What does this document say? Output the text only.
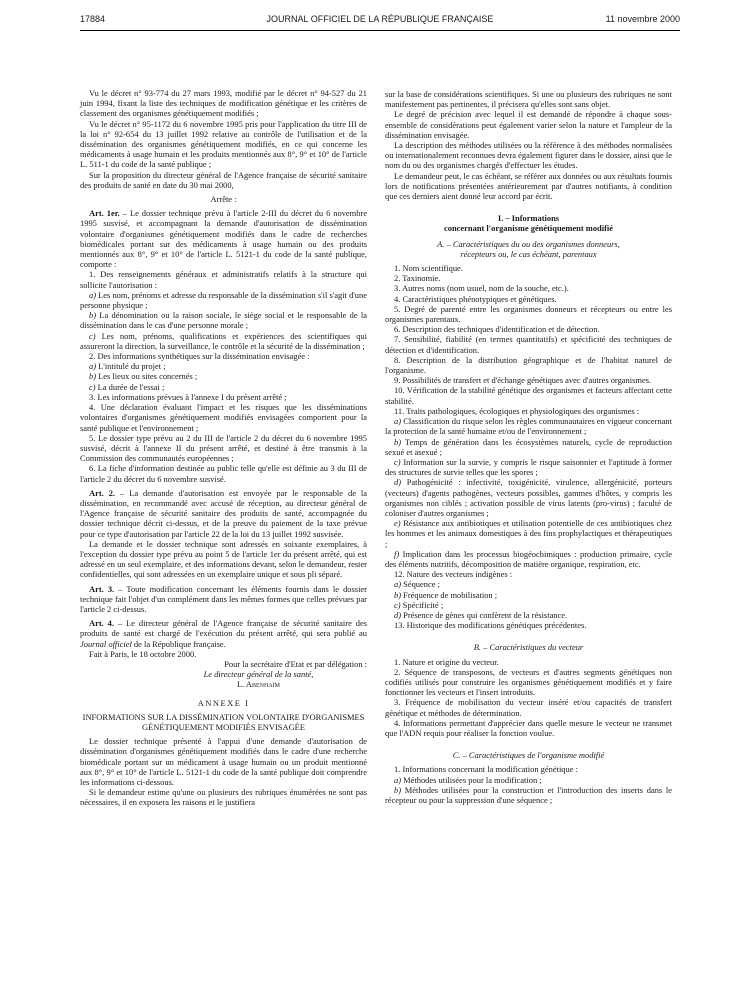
17884	JOURNAL OFFICIEL DE LA RÉPUBLIQUE FRANÇAISE	11 novembre 2000

Vu le décret n° 93-774 du 27 mars 1993, modifié par le décret n° 94-527 du 21 juin 1994, fixant la liste des techniques de modification génétique et les critères de classement des organismes génétiquement modifiés ;

Vu le décret n° 95-1172 du 6 novembre 1995 pris pour l'application du titre III de la loi n° 92-654 du 13 juillet 1992 relative au contrôle de l'utilisation et de la dissémination des organismes génétiquement modifiés, en ce qui concerne les médicaments à usage humain et les produits mentionnés aux 8°, 9° et 10° de l'article L. 511-1 du code de la santé publique ;

Sur la proposition du directeur général de l'Agence française de sécurité sanitaire des produits de santé en date du 30 mai 2000,

Arrête :

Art. 1er. – Le dossier technique prévu à l'article 2-III du décret du 6 novembre 1995 susvisé, et accompagnant la demande d'autorisation de dissémination volontaire d'organismes génétiquement modifiés dans le cadre de recherches biomédicales portant sur des médicaments à usage humain ou des produits mentionnés aux 8°, 9° et 10° de l'article L. 5121-1 du code de la santé publique, comporte :

1. Des renseignements généraux et administratifs relatifs à la structure qui sollicite l'autorisation :

a) Les nom, prénoms et adresse du responsable de la dissémination s'il s'agit d'une personne physique ;

b) La dénomination ou la raison sociale, le siège social et le responsable de la dissémination dans le cas d'une personne morale ;

c) Les nom, prénoms, qualifications et expériences des scientifiques qui assureront la direction, la surveillance, le contrôle et la sécurité de la dissémination ;

2. Des informations synthétiques sur la dissémination envisagée :

a) L'intitulé du projet ;

b) Les lieux ou sites concernés ;

c) La durée de l'essai ;

3. Les informations prévues à l'annexe I du présent arrêté ;

4. Une déclaration évaluant l'impact et les risques que les disséminations volontaires d'organismes génétiquement modifiés envisagées comportent pour la santé publique et l'environnement ;

5. Le dossier type prévu au 2 du III de l'article 2 du décret du 6 novembre 1995 susvisé, décrit à l'annexe II du présent arrêté, et destiné à être transmis à la Commission des communautés européennes ;

6. La fiche d'information destinée au public telle qu'elle est définie au 3 du III de l'article 2 du décret du 6 novembre susvisé.

Art. 2. – La demande d'autorisation est envoyée par le responsable de la dissémination, en recommandé avec accusé de réception, au directeur général de l'Agence française de sécurité sanitaire des produits de santé, accompagnée du dossier technique décrit ci-dessus, et de la preuve du paiement de la taxe prévue pour ce type d'autorisation par l'article 22 de la loi du 13 juillet 1992 susvisée.

La demande et le dossier technique sont adressés en soixante exemplaires, à l'exception du dossier type prévu au point 5 de l'article 1er du présent arrêté, qui est adressé en un seul exemplaire, et des informations devant, selon le demandeur, rester confidentielles, qui sont adressées en un exemplaire unique et sous pli séparé.

Art. 3. – Toute modification concernant les éléments fournis dans le dossier technique fait l'objet d'un complément dans les mêmes formes que celles prévues par l'article 2 ci-dessus.

Art. 4. – Le directeur général de l'Agence française de sécurité sanitaire des produits de santé est chargé de l'exécution du présent arrêté, qui sera publié au Journal officiel de la République française.

Fait à Paris, le 18 octobre 2000.

Pour la secrétaire d'Etat et par délégation :

Le directeur général de la santé,

L. Abenhaïm

ANNEXE I

INFORMATIONS SUR LA DISSÉMINATION VOLONTAIRE D'ORGANISMES GÉNÉTIQUEMENT MODIFIÉS ENVISAGÉE

Le dossier technique présenté à l'appui d'une demande d'autorisation de dissémination d'organismes génétiquement modifiés dans le cadre d'une recherche biomédicale portant sur un médicament à usage humain ou un produit mentionné aux 8°, 9° et 10° de l'article L. 5121-1 du code de la santé publique doit comprendre les informations ci-dessous.

Si le demandeur estime qu'une ou plusieurs des rubriques énumérées ne sont pas nécessaires, il en exposera les raisons et le justifiera

sur la base de considérations scientifiques. Si une ou plusieurs des rubriques ne sont manifestement pas pertinentes, il précisera qu'elles sont sans objet.

Le degré de précision avec lequel il est demandé de répondre à chaque sous-ensemble de considérations peut également varier selon la nature et l'ampleur de la dissémination envisagée.

La description des méthodes utilisées ou la référence à des méthodes normalisées ou internationalement reconnues devra également figurer dans le dossier, ainsi que le nom du ou des organismes chargés d'effectuer les études.

Le demandeur peut, le cas échéant, se référer aux données ou aux résultats fournis lors de notifications présentées antérieurement par d'autres notifiants, à condition que ces derniers aient donné leur accord par écrit.

I. – Informations

concernant l'organisme génétiquement modifié

A. – Caractéristiques du ou des organismes donneurs,

récepteurs ou, le cas échéant, parentaux

1. Nom scientifique.

2. Taxinomie.

3. Autres noms (nom usuel, nom de la souche, etc.).

4. Caractéristiques phénotypiques et génétiques.

5. Degré de parenté entre les organismes donneurs et récepteurs ou entre les organismes parentaux.

6. Description des techniques d'identification et de détection.

7. Sensibilité, fiabilité (en termes quantitatifs) et spécificité des techniques de détection et d'identification.

8. Description de la distribution géographique et de l'habitat naturel de l'organisme.

9. Possibilités de transfert et d'échange génétiques avec d'autres organismes.

10. Vérification de la stabilité génétique des organismes et facteurs affectant cette stabilité.

11. Traits pathologiques, écologiques et physiologiques des organismes :

a) Classification du risque selon les règles communautaires en vigueur concernant la protection de la santé humaine et/ou de l'environnement ;

b) Temps de génération dans les écosystèmes naturels, cycle de reproduction sexué et asexué ;

c) Information sur la survie, y compris le risque saisonnier et l'aptitude à former des structures de survie telles que les spores ;

d) Pathogénicité : infectivité, toxigénicité, virulence, allergénicité, porteurs (vecteurs) d'agents pathogènes, vecteurs possibles, gammes d'hôtes, y compris les organismes non ciblés ; activation possible de virus latents (pro-virus) ; faculté de coloniser d'autres organismes ;

e) Résistance aux antibiotiques et utilisation potentielle de ces antibiotiques chez les hommes et les animaux domestiques à des fins prophylactiques et thérapeutiques ;

f) Implication dans les processus biogéochimiques : production primaire, cycle des éléments nutritifs, décomposition de matière organique, respiration, etc.

12. Nature des vecteurs indigènes :

a) Séquence ;

b) Fréquence de mobilisation ;

c) Spécificité ;

d) Présence de gènes qui confèrent de la résistance.

13. Historique des modifications génétiques précédentes.

B. – Caractéristiques du vecteur

1. Nature et origine du vecteur.

2. Séquence de transposons, de vecteurs et d'autres segments génétiques non codifiés utilisés pour construire les organismes génétiquement modifiés et y faire fonctionner les vecteurs et l'insert introduits.

3. Fréquence de mobilisation du vecteur inséré et/ou capacités de transfert génétique et méthodes de détermination.

4. Informations permettant d'apprécier dans quelle mesure le vecteur ne transmet que l'ADN requis pour réaliser la fonction voulue.

C. – Caractéristiques de l'organisme modifié

1. Informations concernant la modification génétique :

a) Méthodes utilisées pour la modification ;

b) Méthodes utilisées pour la construction et l'introduction des inserts dans le récepteur ou pour la suppression d'une séquence ;
